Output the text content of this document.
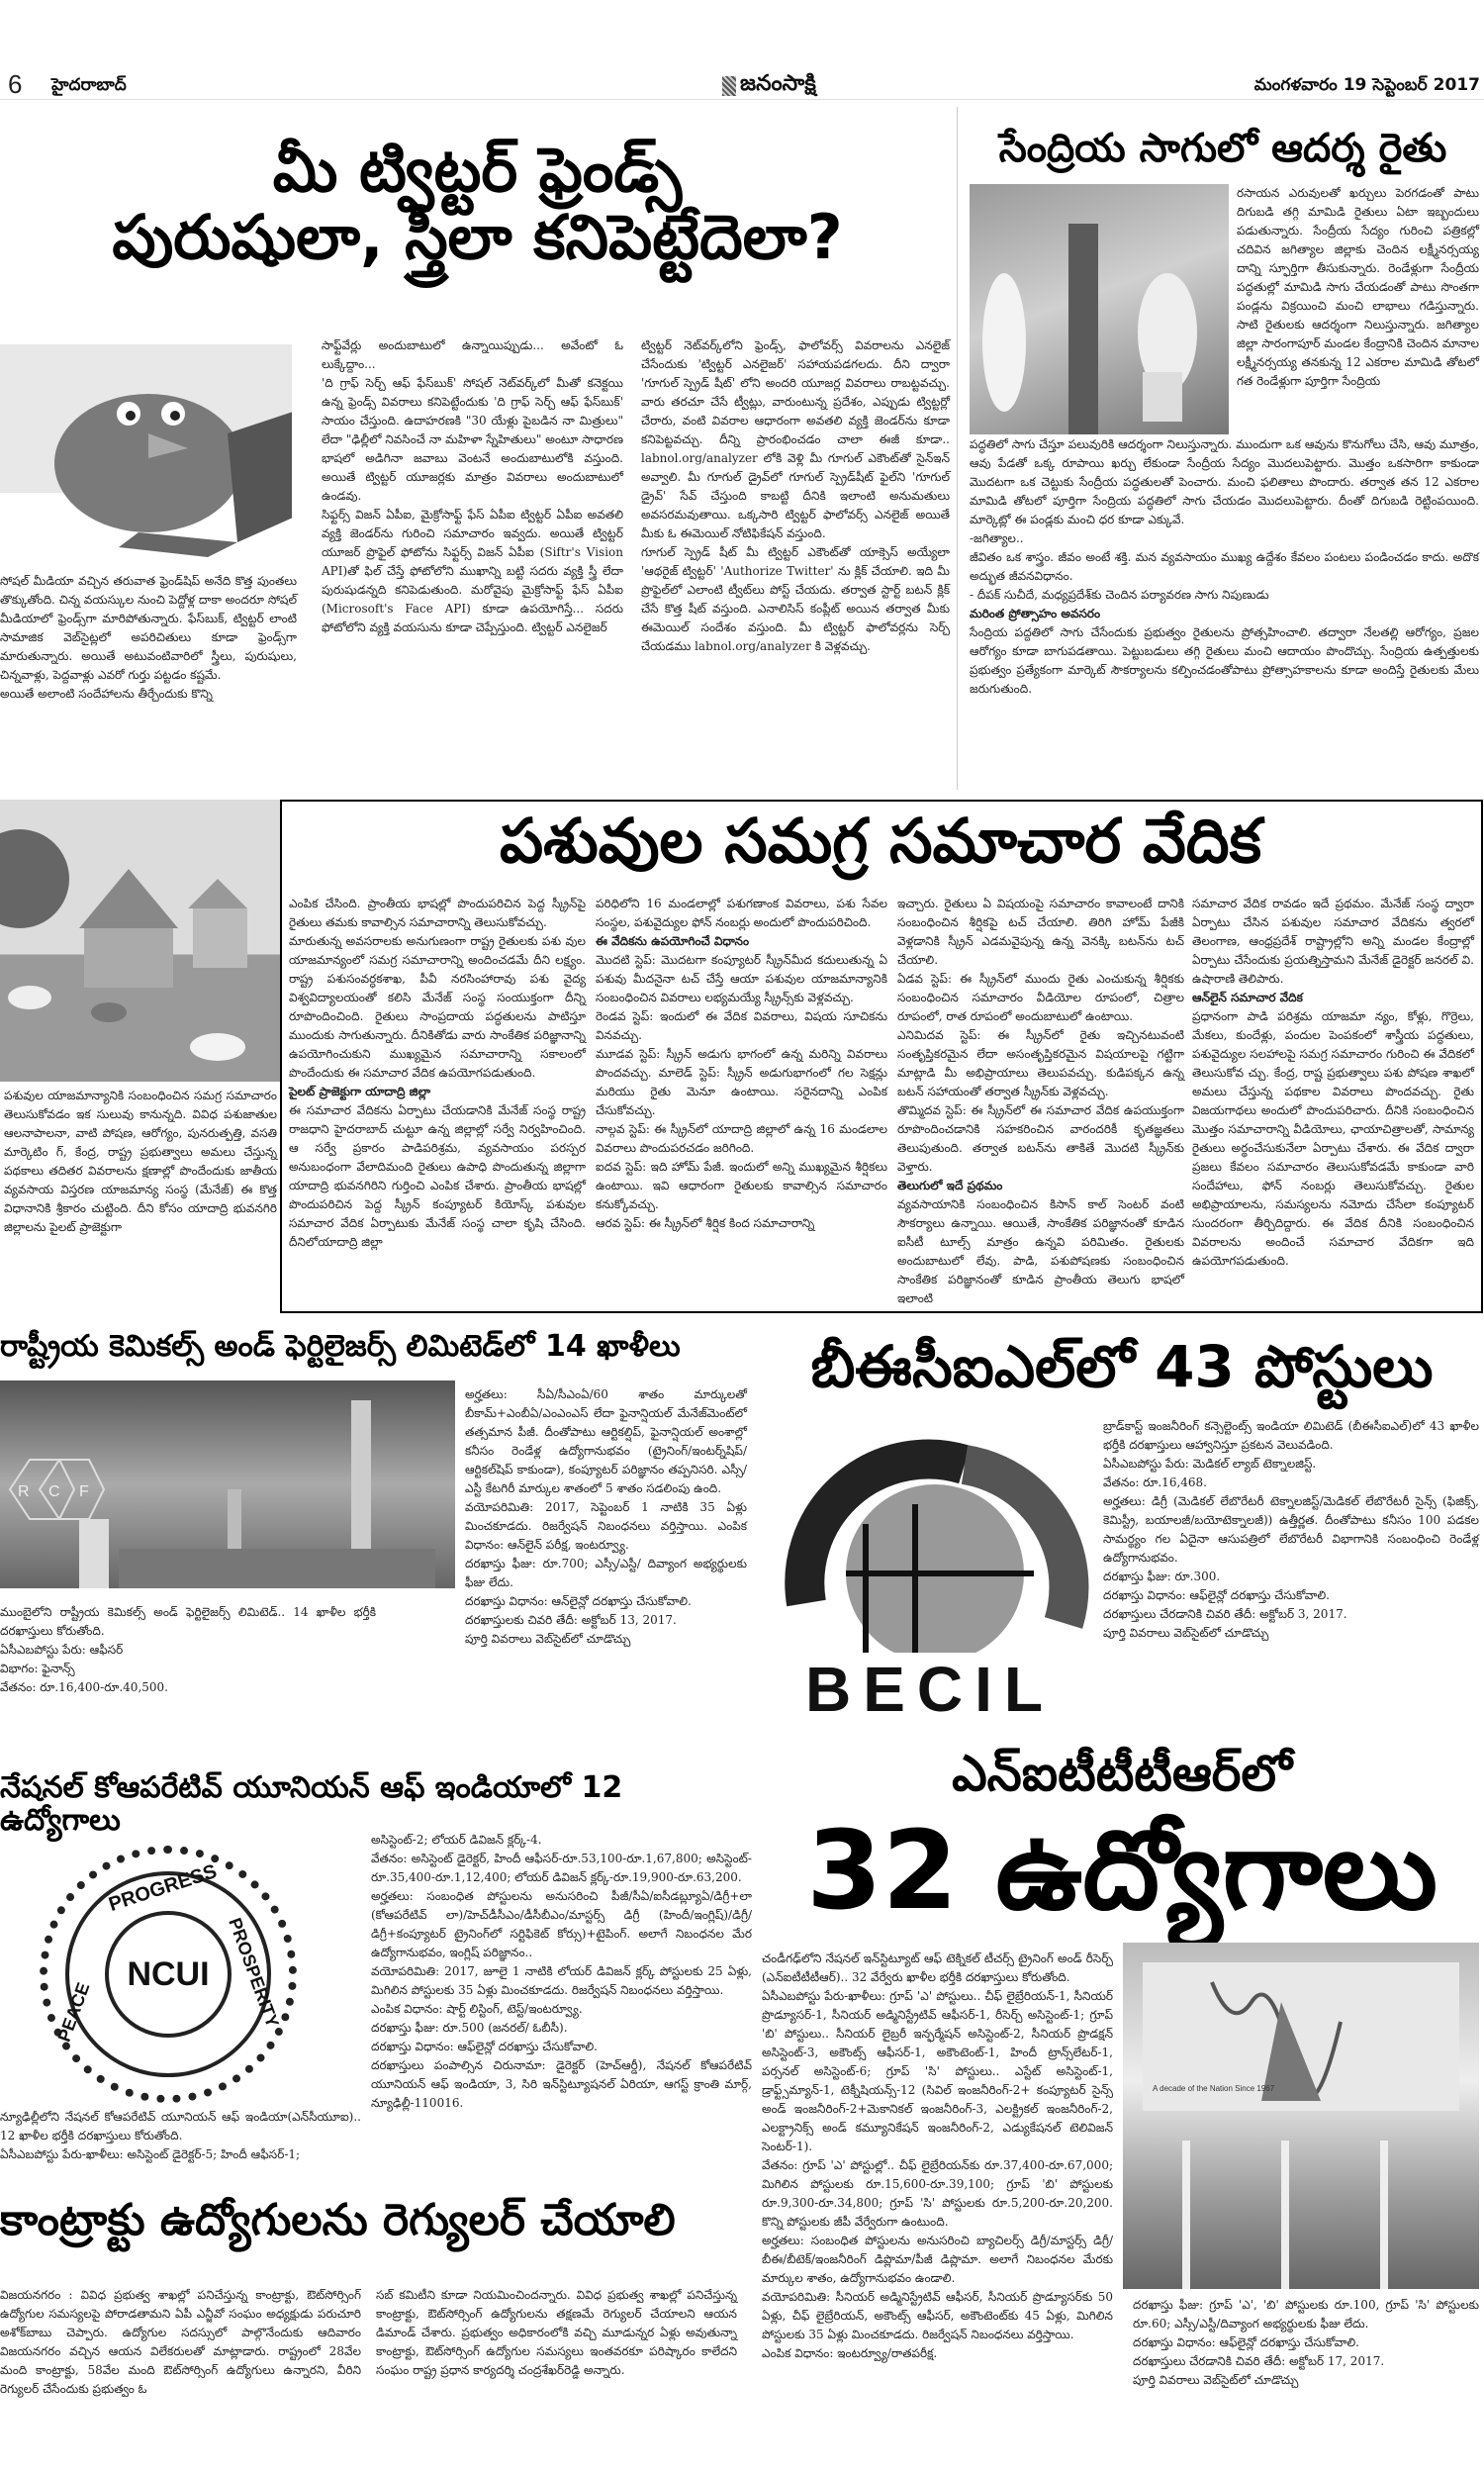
6 హైదరాబాద్	జనంసాక్షి	మంగళవారం 19 సెప్టెంబర్ 2017
మీ ట్విట్టర్ ఫ్రెండ్స్
పురుషులా, స్త్రీలా కనిపెట్టేదెలా?

సోషల్ మీడియా వచ్చిన తరువాత ఫ్రెండ్‌షిప్ అనేది కొత్త పుంతలు తొక్కుతోంది. చిన్న వయస్కుల నుంచి పెద్దోళ్ల దాకా అందరూ సోషల్ మీడియాలో ఫ్రెండ్స్‌గా మారిపోతున్నారు. ఫేస్‌బుక్, ట్విట్టర్ లాంటి సామాజిక వెబ్‌సైట్లలో అపరిచితులు కూడా ఫ్రెండ్స్‌గా మారుతున్నారు. అయితే అటువంటివారిలో స్త్రీలు, పురుషులు, చిన్నవాళ్లు, పెద్దవాళ్లు ఎవరో గుర్తు పట్టడం కష్టమే.

అయితే అలాంటి సందేహాలను తీర్చేందుకు కొన్ని

సాఫ్ట్‌వేర్లు అందుబాటులో ఉన్నాయిప్పుడు... అవేంటో ఓ లుక్కేద్దాం...

'ది గ్రాఫ్ సెర్చ్ ఆఫ్ ఫేస్‌బుక్' సోషల్ నెట్‌వర్క్‌లో మీతో కనెక్టయి ఉన్న ఫ్రెండ్స్ వివరాలు కనిపెట్టేందుకు 'ది గ్రాఫ్ సెర్చ్ ఆఫ్ ఫేస్‌బుక్' సాయం చేస్తుంది. ఉదాహరణకి "30 యేళ్లు పైబడిన నా మిత్రులు" లేదా "ఢిల్లీలో నివసించే నా మహిళా స్నేహితులు" అంటూ సాధారణ భాషలో అడిగినా జవాబు వెంటనే అందుబాటులోకి వస్తుంది. అయితే ట్విట్టర్ యూజర్లకు మాత్రం వివరాలు అందుబాటులో ఉండవు.

సిఫ్టర్స్ విజన్ ఏపీఐ, మైక్రోసాఫ్ట్ ఫేస్ ఏపీఐ ట్విట్టర్ ఏపీఐ అవతలి వ్యక్తి జెండర్‌ను గురించి సమాచారం ఇవ్వదు. అయితే ట్విట్టర్ యూజర్ ప్రొఫైల్ ఫోటోను సిఫ్టర్స్ విజన్ ఏపీఐ (Siftr's Vision API)తో ఫిల్ చేస్తే ఫోటోలోని ముఖాన్ని బట్టి సదరు వ్యక్తి స్త్రీ లేదా పురుషుడన్నది కనిపెడుతుంది. మరోవైపు మైక్రోసాఫ్ట్ ఫేస్ ఏపీఐ (Microsoft's Face API) కూడా ఉపయోగిస్తే... సదరు ఫోటోలోని వ్యక్తి వయసును కూడా చెప్పేస్తుంది. ట్విట్టర్ ఎనలైజర్

ట్విట్టర్ నెట్‌వర్క్‌లోని ఫ్రెండ్స్, ఫాలోవర్స్ వివరాలను ఎనలైజ్ చేసేందుకు 'ట్విట్టర్ ఎనలైజర్' సహాయపడగలదు. దీని ద్వారా 'గూగుల్ స్ప్రెడ్ షీట్' లోని అందరి యూజర్ల వివరాలు రాబట్టవచ్చు. వారు తరచూ చేసే ట్వీట్లు, వారుంటున్న ప్రదేశం, ఎప్పుడు ట్విట్టర్లో చేరారు, వంటి వివరాల ఆధారంగా అవతలి వ్యక్తి జెండర్‌ను కూడా కనిపెట్టవచ్చు. దీన్ని ప్రారంభించడం చాలా ఈజీ కూడా.. labnol.org/analyzer లోకి వెళ్లి మీ గూగుల్ ఎకౌంట్‌తో సైన్‌ఇన్ అవ్వాలి. మీ గూగుల్ డ్రైవ్‌లో గూగుల్ స్ప్రెడ్‌షీట్ ఫైల్‌ని 'గూగుల్ డ్రైవ్' సేవ్ చేస్తుంది కాబట్టి దీనికి ఇలాంటి అనుమతులు అవసరమవుతాయి. ఒక్కసారి ట్విట్టర్ ఫాలోవర్స్ ఎనలైజ్ అయితే మీకు ఓ ఈమెయిల్ నోటిఫికేషన్ వస్తుంది.

గూగుల్ స్ప్రెడ్ షీట్ మీ ట్విట్టర్ ఎకౌంట్‌తో యాక్సెస్ అయ్యేలా 'ఆథరైజ్ ట్విట్టర్' 'Authorize Twitter' ను క్లిక్ చేయాలి. ఇది మీ ప్రొఫైల్‌లో ఎలాంటి ట్వీట్‌లు పోస్ట్ చేయదు. తర్వాత స్టార్ట్ బటన్ క్లిక్ చేసే కొత్త షీట్ వస్తుంది. ఎనాలిసిస్ కంప్లీట్ అయిన తర్వాత మీకు ఈమెయిల్ సందేశం వస్తుంది. మీ ట్విట్టర్ ఫాలోవర్లను సెర్చ్ చేయడము labnol.org/analyzer కి వెళ్లవచ్చు.

సేంద్రియ సాగులో ఆదర్శ రైతు
రసాయన ఎరువులతో ఖర్చులు పెరగడంతో పాటు దిగుబడి తగ్గి మామిడి రైతులు ఏటా ఇబ్బందులు పడుతున్నారు. సేంద్రీయ సేద్యం గురించి పత్రికల్లో చదివిన జగిత్యాల జిల్లాకు చెందిన లక్ష్మీనర్సయ్య దాన్ని స్ఫూర్తిగా తీసుకున్నారు. రెండేళ్లుగా సేంద్రీయ పద్ధతుల్లో మామిడి సాగు చేయడంతో పాటు సొంతగా పండ్లను విక్రయించి మంచి లాభాలు గడిస్తున్నారు. సాటి రైతులకు ఆదర్శంగా నిలుస్తున్నారు. జగిత్యాల జిల్లా సారంగాపూర్ మండల కేంద్రానికి చెందిన మానాల లక్ష్మీనర్సయ్య తనకున్న 12 ఎకరాల మామిడి తోటలో గత రెండేళ్లుగా పూర్తిగా సేంద్రియ

పద్ధతిలో సాగు చేస్తూ పలువురికి ఆదర్శంగా నిలుస్తున్నారు. ముందుగా ఒక ఆవును కొనుగోలు చేసి, ఆవు మూత్రం, ఆవు పేడతో ఒక్క రూపాయి ఖర్చు లేకుండా సేంద్రీయ సేద్యం మొదలుపెట్టారు. మొత్తం ఒకసారిగా కాకుండా మొదటగా ఒక చెట్టుకు సేంద్రీయ పద్ధతులతో పెంచారు. మంచి ఫలితాలు పొందారు. తర్వాత తన 12 ఎకరాల మామిడి తోటలో పూర్తిగా సేంద్రియ పద్ధతిలో సాగు చేయడం మొదలుపెట్టారు. దీంతో దిగుబడి రెట్టింపయింది. మార్కెట్లో ఈ పండ్లకు మంచి ధర కూడా ఎక్కువే.

-జగిత్యాల..

జీవితం ఒక శాస్త్రం. జీవం అంటే శక్తి. మన వ్యవసాయం ముఖ్య ఉద్దేశం కేవలం పంటలు పండించడం కాదు. అదొక అద్భుత జీవనవిధానం.

- దీపక్ సుచీదే, మధ్యప్రదేశ్‌కు చెందిన పర్యావరణ సాగు నిపుణుడు

మరింత ప్రోత్సాహం అవసరం

సేంద్రియ పద్దతిలో సాగు చేసేందుకు ప్రభుత్వం రైతులను ప్రోత్సహించాలి. తద్వారా నేలతల్లి ఆరోగ్యం, ప్రజల ఆరోగ్యం కూడా బాగుపడతాయి. పెట్టుబడులు తగ్గి రైతులు మంచి ఆదాయం పొందొచ్చు. సేంద్రియ ఉత్పత్తులకు ప్రభుత్వం ప్రత్యేకంగా మార్కెట్ సౌకర్యాలను కల్పించడంతోపాటు ప్రోత్సాహకాలను కూడా అందిస్తే రైతులకు మేలు జరుగుతుంది.

పశువుల సమగ్ర సమాచార వేదిక
పశువుల యాజమాన్యానికి సంబంధించిన సమగ్ర సమాచారం తెలుసుకోవడం ఇక సులువు కానున్నది. వివిధ పశుజాతుల ఆలనాపాలనా, వాటి పోషణ, ఆరోగ్యం, పునరుత్పత్తి, వసతి మార్కెటిం గ్, కేంద్ర, రాష్ట్ర ప్రభుత్వాలు అమలు చేస్తున్న పథకాలు తదితర వివరాలను క్షణాల్లో పొందేందుకు జాతీయ వ్యవసాయ విస్తరణ యాజమాన్య సంస్థ (మేనేజ్) ఈ కొత్త విధానానికి శ్రీకారం చుట్టింది. దీని కోసం యాదాద్రి భువనగిరి జిల్లాలను పైలట్ ప్రాజెక్టుగా

ఎంపిక చేసింది. ప్రాంతీయ భాషల్లో పొందుపరిచిన పెద్ద స్క్రీన్‌పై రైతులు తమకు కావాల్సిన సమాచారాన్ని తెలుసుకోవచ్చు.

మారుతున్న అవసరాలకు అనుగుణంగా రాష్ట్ర రైతులకు పశు వుల యాజమాన్యంలో సమగ్ర సమాచారాన్ని అందించడమే దీని లక్ష్యం. రాష్ట్ర పశుసంవర్ధకశాఖ, పీవీ నరసింహారావు పశు వైద్య విశ్వవిద్యాలయంతో కలిసి మేనేజ్ సంస్థ సంయుక్తంగా దీన్ని రూపొందించింది. రైతులు సాంప్రదాయ పద్ధతులను పాటిస్తూ ముందుకు సాగుతున్నారు. దీనికితోడు వారు సాంకేతిక పరిజ్ఞానాన్ని ఉపయోగించుకుని ముఖ్యమైన సమాచారాన్ని సకాలంలో పొందేందుకు ఈ సమాచార వేదిక ఉపయోగపడుతుంది.

పైలట్ ప్రాజెక్టుగా యాదాద్రి జిల్లా

ఈ సమాచార వేదికను ఏర్పాటు చేయడానికి మేనేజ్ సంస్థ రాష్ట్ర రాజధాని హైదరాబాద్ చుట్టూ ఉన్న జిల్లాల్లో సర్వే నిర్వహించింది. ఆ సర్వే ప్రకారం పాడిపరిశ్రమ, వ్యవసాయం పరస్పర అనుబంధంగా వేలాదిమంది రైతులు ఉపాధి పొందుతున్న జిల్లాగా యాదాద్రి భువనగిరిని గుర్తించి ఎంపిక చేశారు. ప్రాంతీయ భాషల్లో పొందుపరిచిన పెద్ద స్క్రీన్ కంప్యూటర్ కియోస్క్ పశువుల సమాచార వేదిక ఏర్పాటుకు మేనేజ్ సంస్థ చాలా కృషి చేసింది. దీనిలోయాదాద్రి జిల్లా

పరిధిలోని 16 మండలాల్లో పశుగణాంక వివరాలు, పశు సేవల సంస్థల, పశువైద్యుల ఫోన్ నంబర్లు అందులో పొందుపరిచింది.

ఈ వేదికను ఉపయోగించే విధానం

మొదటి స్టెప్: మొదటగా కంప్యూటర్ స్క్రీన్‌మీద కదులుతున్న ఏ పశువు మీదనైనా టచ్ చేస్తే ఆయా పశువుల యాజమాన్యానికి సంబంధించిన వివరాలు లభ్యమయ్యే స్క్రీన్స్‌కు వెళ్లవచ్చు.

రెండవ స్టెప్: ఇందులో ఈ వేదిక వివరాలు, విషయ సూచికను వినవచ్చు.

మూడవ స్టెప్: స్క్రీన్ అడుగు భాగంలో ఉన్న మరిన్ని వివరాలు పొందవచ్చు. మాలెడ్ స్టెప్: స్క్రీన్ అడుగుభాగంలో గల సెక్షన్లు మరియు రైతు మెనూ ఉంటాయి. సరైనదాన్ని ఎంపిక చేసుకోవచ్చు.

నాల్గవ స్టెప్: ఈ స్క్రీన్‌లో యాదాద్రి జిల్లాలో ఉన్న 16 మండలాల వివరాలు పొందుపరచడం జరిగింది.

ఐదవ స్టెప్: ఇది హోమ్ పేజీ. ఇందులో అన్ని ముఖ్యమైన శీర్షికలు ఉంటాయి. ఇవి ఆధారంగా రైతులకు కావాల్సిన సమాచారం కనుక్కోవచ్చు.

ఆరవ స్టెప్: ఈ స్క్రీన్‌లో శీర్షిక కింద సమాచారాన్ని

ఇచ్చారు. రైతులు ఏ విషయంపై సమాచారం కావాలంటే దానికి సంబంధించిన శీర్షికపై టచ్ చేయాలి. తిరిగి హోమ్ పేజీకి వెళ్లడానికి స్క్రీన్ ఎడమవైపున్న ఉన్న వెనక్కి బటన్‌ను టచ్ చేయాలి.

ఏడవ స్టెప్: ఈ స్క్రీన్‌లో ముందు రైతు ఎంచుకున్న శీర్షికకు సంబంధించిన సమాచారం వీడియోల రూపంలో, చిత్రాల రూపంలో, రాత రూపంలో అందుబాటులో ఉంటాయి.

ఎనిమిదవ స్టెప్: ఈ స్క్రీన్‌లో రైతు ఇచ్చినటువంటి సంతృప్తికరమైన లేదా అసంతృప్తికరమైన విషయాలపై గట్టిగా మాట్లాడి మీ అభిప్రాయాలు తెలుపవచ్చు. కుడిపక్కన ఉన్న బటన్ సహాయంతో తర్వాత స్క్రీన్‌కు వెళ్లవచ్చు.

తొమ్మిదవ స్టెప్: ఈ స్క్రీన్‌లో ఈ సమాచార వేదిక ఉపయుక్తంగా రూపొందించడానికి సహకరించిన వారందరికీ కృతజ్ఞతలు తెలుపుతుంది. తర్వాత బటన్‌ను తాకితే మొదటి స్క్రీన్‌కు వెళ్తారు.

తెలుగులో ఇదే ప్రథమం

వ్యవసాయానికి సంబంధించిన కిసాన్ కాల్ సెంటర్ వంటి సౌకర్యాలు ఉన్నాయి. ఆయితే, సాంకేతిక పరిజ్ఞానంతో కూడిన ఐసీటీ టూల్స్ మాత్రం ఉన్నవి పరిమితం. రైతులకు అందుబాటులో లేవు. పాడి, పశుపోషణకు సంబంధించిన సాంకేతిక పరిజ్ఞానంతో కూడిన ప్రాంతీయ తెలుగు భాషలో ఇలాంటి

సమాచార వేదిక రావడం ఇదే ప్రథమం. మేనేజ్ సంస్థ ద్వారా ఏర్పాటు చేసిన పశువుల సమాచార వేదికను త్వరలో తెలంగాణ, ఆంధ్రప్రదేశ్ రాష్ట్రాల్లోని అన్ని మండల కేంద్రాల్లో ఏర్పాటు చేసేందుకు ప్రయత్నిస్తామని మేనేజ్ డైరెక్టర్ జనరల్ వి. ఉషారాణి తెలిపారు.

ఆన్‌లైన్ సమాచార వేదిక

ప్రధానంగా పాడి పరిశ్రమ యాజమా న్యం, కోళ్లు, గొర్రెలు, మేకలు, కుందేళ్లు, పందుల పెంపకంలో శాస్త్రీయ పద్ధతులు, పశువైద్యుల సలహాలపై సమగ్ర సమాచారం గురించి ఈ వేదికలో తెలుసుకోవ చ్చు. కేంద్ర, రాష్ట ప్రభుత్వాలు పశు పోషణ శాఖలో అమలు చేస్తున్న పథకాల వివరాలు పొందవచ్చు. రైతు విజయగాథలు అందులో పొందుపరిచారు. దీనికి సంబంధించిన మొత్తం సమాచారాన్ని వీడియోలు, ఛాయాచిత్రాలతో, సామాన్య రైతులు అర్థంచేసుకునేలా ఏర్పాటు చేశారు. ఈ వేదిక ద్వారా ప్రజలు కేవలం సమాచారం తెలుసుకోవడమే కాకుండా వారి సందేహాలు, ఫోన్ నంబర్లు తెలుసుకోవచ్చు. రైతుల అభిప్రాయాలను, సమస్యలను నమోదు చేసేలా కంప్యూటర్ సుందరంగా తీర్చిదిద్దారు. ఈ వేదిక దీనికి సంబంధించిన వివరాలను అందించే సమాచార వేదికగా ఇది ఉపయోగపడుతుంది.

రాష్ట్రీయ కెమికల్స్ అండ్ ఫెర్టిలైజర్స్ లిమిటెడ్‌లో 14 ఖాళీలు
R C F

ముంబైలోని రాష్ట్రీయ కెమికల్స్ అండ్ ఫెర్టిలైజర్స్ లిమిటెడ్.. 14 ఖాళీల భర్తీకి దరఖాస్తులు కోరుతోంది.

ఏసీఎబపోస్టు పేరు: ఆఫీసర్

విభాగం: ఫైనాన్స్

వేతనం: రూ.16,400-రూ.40,500.

అర్హతలు: సీఏ/సీఎంఏ/60 శాతం మార్కులతో బీకామ్+ఎంబీఏ/ఎంఎంఎస్ లేదా ఫైనాన్షియల్ మేనేజ్‌మెంట్‌లో తత్సమాన పీజీ. దీంతోపాటు ఆర్టికల్షిప్, ఫైనాన్షియల్ అంశాల్లో కనీసం రెండేళ్ల ఉద్యోగానుభవం (ట్రైనింగ్/ఇంటర్న్‌షిప్/ఆర్టికల్‌షిప్ కాకుండా), కంప్యూటర్ పరిజ్ఞానం తప్పనిసరి. ఎస్సీ/ఎస్టీ కేటగిరీ మార్కుల శాతంలో 5 శాతం సడలింపు ఉంది.

వయోపరిమితి: 2017, సెప్టెంబర్ 1 నాటికి 35 ఏళ్లు మించకూడదు. రిజర్వేషన్ నిబంధనలు వర్తిస్తాయి. ఎంపిక విధానం: ఆన్‌లైన్ పరీక్ష, ఇంటర్వ్యూ.

దరఖాస్తు ఫీజు: రూ.700; ఎస్సీ/ఎస్టీ/ దివ్యాంగ అభ్యర్థులకు ఫీజు లేదు.

దరఖాస్తు విధానం: ఆన్‌లైన్లో దరఖాస్తు చేసుకోవాలి.

దరఖాస్తులకు చివరి తేదీ: అక్టోబర్ 13, 2017.

పూర్తి వివరాలు వెబ్‌సైట్‌లో చూడొచ్చు

బీఈసీఐఎల్‌లో 43 పోస్టులు
BECIL

బ్రాడ్‌కాస్ట్ ఇంజనీరింగ్ కన్సెల్టెంట్స్ ఇండియా లిమిటెడ్ (బీఈసీఐఎల్)లో 43 ఖాళీల భర్తీకి దరఖాస్తులు ఆహ్వానిస్తూ ప్రకటన వెలువడింది.

ఏసీఎబపోస్టు పేరు: మెడికల్ ల్యాబ్ టెక్నాలజిస్ట్.

వేతనం: రూ.16,468.

అర్హతలు: డిగ్రీ (మెడికల్ లేబొరేటరీ టెక్నాలజిస్ట్/మెడికల్ లేబొరేటరీ సైన్స్ (ఫిజిక్స్, కెమిస్ట్రీ, బయాలజీ/బయోటెక్నాలజీ)) ఉత్తీర్ణత. దీంతోపాటు కనీసం 100 పడకల సామర్థ్యం గల ఏదైనా ఆసుపత్రిలో లేబొరేటరీ విభాగానికి సంబంధించి రెండేళ్ల ఉద్యోగానుభవం.

దరఖాస్తు ఫీజు: రూ.300.

దరఖాస్తు విధానం: ఆఫ్‌లైన్లో దరఖాస్తు చేసుకోవాలి.

దరఖాస్తులు చేరడానికి చివరి తేదీ: అక్టోబర్ 3, 2017.

పూర్తి వివరాలు వెబ్‌సైట్‌లో చూడొచ్చు

నేషనల్ కోఆపరేటివ్ యూనియన్ ఆఫ్ ఇండియాలో 12 ఉద్యోగాలు
NCUI
PROGRESS
PROSPERITY
PEACE

న్యూఢిల్లీలోని నేషనల్ కోఆపరేటివ్ యూనియన్ ఆఫ్ ఇండియా(ఎన్‌సీయూఐ).. 12 ఖాళీల భర్తీకి దరఖాస్తులు కోరుతోంది.

ఏసీఎబపోస్టు పేరు-ఖాళీలు: అసిస్టెంట్ డైరెక్టర్-5; హిందీ ఆఫీసర్-1;

అసిస్టెంట్-2; లోయర్ డివిజన్ క్లర్క్-4.

వేతనం: అసిస్టెంట్ డైరెక్టర్, హిందీ ఆఫీసర్-రూ.53,100-రూ.1,67,800; అసిస్టెంట్-రూ.35,400-రూ.1,12,400; లోయర్ డివిజన్ క్లర్క్-రూ.19,900-రూ.63,200.

అర్హతలు: సంబంధిత పోస్టులను అనుసరించి పీజీ/సీఏ/ఐసీడబ్ల్యూఏ/డిగ్రీ+లా (కోఆపరేటివ్ లా)/హెచ్‌డీసీఎం/డీసీబీఎం/మాస్టర్స్ డిగ్రీ (హిందీ/ఇంగ్లిష్)/డిగ్రీ/డిగ్రీ+కంప్యూటర్ ట్రైనింగ్‌లో సర్టిఫికెట్ కోర్సు)+టైపింగ్. అలాగే నిబంధనల మేర ఉద్యోగానుభవం, ఇంగ్లిష్ పరిజ్ఞానం..

వయోపరిమితి: 2017, జూలై 1 నాటికి లోయర్ డివిజన్ క్లర్క్ పోస్టులకు 25 ఏళ్లు, మిగిలిన పోస్టులకు 35 ఏళ్లు మించకూడదు. రిజర్వేషన్ నిబంధనలు వర్తిస్తాయి.

ఎంపిక విధానం: షార్ట్ లిస్టింగ్, టెస్ట్/ఇంటర్వ్యూ.

దరఖాస్తు ఫీజు: రూ.500 (జనరల్/ ఓబీసీ).

దరఖాస్తు విధానం: ఆఫ్‌లైన్లో దరఖాస్తు చేసుకోవాలి.

దరఖాస్తులు పంపాల్సిన చిరునామా: డైరెక్టర్ (హెచ్ఆర్డీ), నేషనల్ కోఆపరేటివ్ యూనియన్ ఆఫ్ ఇండియా, 3, సిరి ఇన్‌స్టిట్యూషనల్ ఏరియా, ఆగస్ట్ క్రాంతి మార్గ్, న్యూఢిల్లీ-110016.

ఎన్ఐటీటీటీఆర్‌లో
32 ఉద్యోగాలు

చండీగఢ్‌లోని నేషనల్ ఇన్‌స్టిట్యూట్ ఆఫ్ టెక్నికల్ టీచర్స్ ట్రైనింగ్ అండ్ రీసెర్చ్ (ఎన్ఐటీటీటీఆర్).. 32 వేర్వేరు ఖాళీల భర్తీకి దరఖాస్తులు కోరుతోంది.

ఏసీఎబపోస్టు పేరు-ఖాళీలు: గ్రూప్ 'ఎ' పోస్టులు.. చీఫ్ లైబ్రేరియన్-1, సీనియర్ ప్రొడ్యూసర్-1, సీనియర్ అడ్మినిస్ట్రేటివ్ ఆఫీసర్-1, రీసెర్చ్ అసిస్టెంట్-1; గ్రూప్ 'బి' పోస్టులు.. సీనియర్ లైబ్రరీ ఇన్ఫర్మేషన్ అసిస్టెంట్-2, సీనియర్ ప్రొడక్షన్ అసిస్టెంట్-3, అకౌంట్స్ ఆఫీసర్-1, అకౌంటెంట్-1, హిందీ ట్రాన్స్‌లేటర్-1, పర్సనల్ అసిస్టెంట్-6; గ్రూప్ 'సి' పోస్టులు.. ఎస్టేట్ అసిస్టెంట్-1, డ్రాఫ్ట్స్‌మ్యాన్-1, టెక్నీషియన్స్-12 (సివిల్ ఇంజనీరింగ్-2+ కంప్యూటర్ సైన్స్ అండ్ ఇంజనీరింగ్-2+మెకానికల్ ఇంజనీరింగ్-3, ఎలక్ట్రికల్ ఇంజనీరింగ్-2, ఎలక్ట్రానిక్స్ అండ్ కమ్యూనికేషన్ ఇంజనీరింగ్-2, ఎడ్యుకేషనల్ టెలివిజన్ సెంటర్-1).

వేతనం: గ్రూప్ 'ఎ' పోస్టుల్లో.. చీఫ్ లైబ్రేరియన్‌కు రూ.37,400-రూ.67,000; మిగిలిన పోస్టులకు రూ.15,600-రూ.39,100; గ్రూప్ 'బి' పోస్టులకు రూ.9,300-రూ.34,800; గ్రూప్ 'సి' పోస్టులకు రూ.5,200-రూ.20,200. కొన్ని పోస్టులకు జీపీ వేర్వేరుగా ఉంటుంది.

అర్హతలు: సంబంధిత పోస్టులను అనుసరించి బ్యాచిలర్స్ డిగ్రీ/మాస్టర్స్ డిగ్రీ/బీఈ/బీటెక్/ఇంజనీరింగ్ డిప్లొమా/పీజీ డిప్లొమా. అలాగే నిబంధనల మేరకు మార్కుల శాతం, ఉద్యోగానుభవం ఉండాలి.

వయోపరిమితి: సీనియర్ అడ్మినిస్ట్రేటివ్ ఆఫీసర్, సీనియర్ ప్రొడ్యూసర్‌కు 50 ఏళ్లు, చీఫ్ లైబ్రేరియన్, అకౌంట్స్ ఆఫీసర్, అకౌంటెంట్‌కు 45 ఏళ్లు, మిగిలిన పోస్టులకు 35 ఏళ్లు మించకూడదు. రిజర్వేషన్ నిబంధనలు వర్తిస్తాయి.

ఎంపిక విధానం: ఇంటర్వ్యూ/రాతపరీక్ష.

A decade of the Nation Since 1967

దరఖాస్తు ఫీజు: గ్రూప్ 'ఎ', 'బి' పోస్టులకు రూ.100, గ్రూప్ 'సి' పోస్టులకు రూ.60; ఎస్సీ/ఎస్టీ/దివ్యాంగ అభ్యర్థులకు ఫీజు లేదు.

దరఖాస్తు విధానం: ఆఫ్‌లైన్లో దరఖాస్తు చేసుకోవాలి.

దరఖాస్తులు చేరడానికి చివరి తేదీ: అక్టోబర్ 17, 2017.

పూర్తి వివరాలు వెబ్‌సైట్‌లో చూడొచ్చు

కాంట్రాక్టు ఉద్యోగులను రెగ్యులర్ చేయాలి
విజయనగరం : వివిధ ప్రభుత్వ శాఖల్లో పనిచేస్తున్న కాంట్రాక్టు, ఔట్‌సోర్సింగ్ ఉద్యోగుల సమస్యలపై పోరాడతామని ఏపీ ఎన్జీవో సంఘం అధ్యక్షుడు పరుచూరి అశోక్‌బాబు చెప్పారు. ఉద్యోగుల సదస్సులో పాల్గొనేందుకు ఆదివారం విజయనగరం వచ్చిన ఆయన విలేకరులతో మాట్లాడారు. రాష్ట్రంలో 28వేల మంది కాంట్రాక్టు, 58వేల మంది ఔట్‌సోర్సింగ్ ఉద్యోగులు ఉన్నారని, వీరిని రెగ్యులర్ చేసేందుకు ప్రభుత్వం ఓ
సబ్ కమిటీని కూడా నియమించిందన్నారు. వివిధ ప్రభుత్వ శాఖల్లో పనిచేస్తున్న కాంట్రాక్టు, ఔట్‌సోర్సింగ్ ఉద్యోగులను తక్షణమే రెగ్యులర్ చేయాలని ఆయన డిమాండ్ చేశారు. ప్రభుత్వం అధికారంలోకి వచ్చి మూడున్నర ఏళ్లు అవుతున్నా కాంట్రాక్టు, ఔట్‌సోర్సింగ్ ఉద్యోగుల సమస్యలు ఇంతవరకూ పరిష్కారం కాలేదని సంఘం రాష్ట్ర ప్రధాన కార్యదర్శి చంద్రశేఖర్‌రెడ్డి అన్నారు.
